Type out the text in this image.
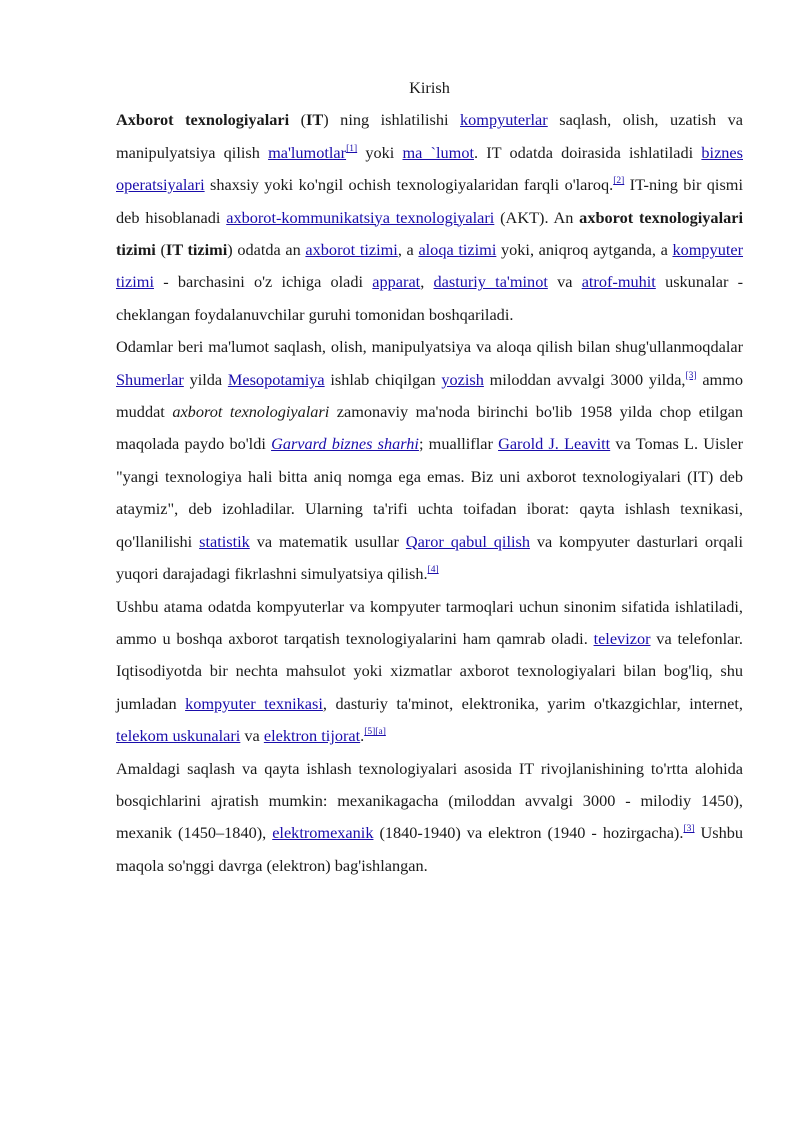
Kirish

Axborot texnologiyalari (IT) ning ishlatilishi kompyuterlar saqlash, olish, uzatish va manipulyatsiya qilish ma'lumotlar[1] yoki ma `lumot. IT odatda doirasida ishlatiladi biznes operatsiyalari shaxsiy yoki ko'ngil ochish texnologiyalaridan farqli o'laroq.[2] IT-ning bir qismi deb hisoblanadi axborot-kommunikatsiya texnologiyalari (AKT). An axborot texnologiyalari tizimi (IT tizimi) odatda an axborot tizimi, a aloqa tizimi yoki, aniqroq aytganda, a kompyuter tizimi - barchasini o'z ichiga oladi apparat, dasturiy ta'minot va atrof-muhit uskunalar - cheklangan foydalanuvchilar guruhi tomonidan boshqariladi.

Odamlar beri ma'lumot saqlash, olish, manipulyatsiya va aloqa qilish bilan shug'ullanmoqdalar Shumerlar yilda Mesopotamiya ishlab chiqilgan yozish miloddan avvalgi 3000 yilda,[3] ammo muddat axborot texnologiyalari zamonaviy ma'noda birinchi bo'lib 1958 yilda chop etilgan maqolada paydo bo'ldi Garvard biznes sharhi; mualliflar Garold J. Leavitt va Tomas L. Uisler "yangi texnologiya hali bitta aniq nomga ega emas. Biz uni axborot texnologiyalari (IT) deb ataymiz", deb izohladilar. Ularning ta'rifi uchta toifadan iborat: qayta ishlash texnikasi, qo'llanilishi statistik va matematik usullar Qaror qabul qilish va kompyuter dasturlari orqali yuqori darajadagi fikrlashni simulyatsiya qilish.[4]

Ushbu atama odatda kompyuterlar va kompyuter tarmoqlari uchun sinonim sifatida ishlatiladi, ammo u boshqa axborot tarqatish texnologiyalarini ham qamrab oladi. televizor va telefonlar. Iqtisodiyotda bir nechta mahsulot yoki xizmatlar axborot texnologiyalari bilan bog'liq, shu jumladan kompyuter texnikasi, dasturiy ta'minot, elektronika, yarim o'tkazgichlar, internet, telekom uskunalari va elektron tijorat.[5][a]

Amaldagi saqlash va qayta ishlash texnologiyalari asosida IT rivojlanishining to'rtta alohida bosqichlarini ajratish mumkin: mexanikagacha (miloddan avvalgi 3000 - milodiy 1450), mexanik (1450–1840), elektromexanik (1840-1940) va elektron (1940 - hozirgacha).[3] Ushbu maqola so'nggi davrga (elektron) bag'ishlangan.
